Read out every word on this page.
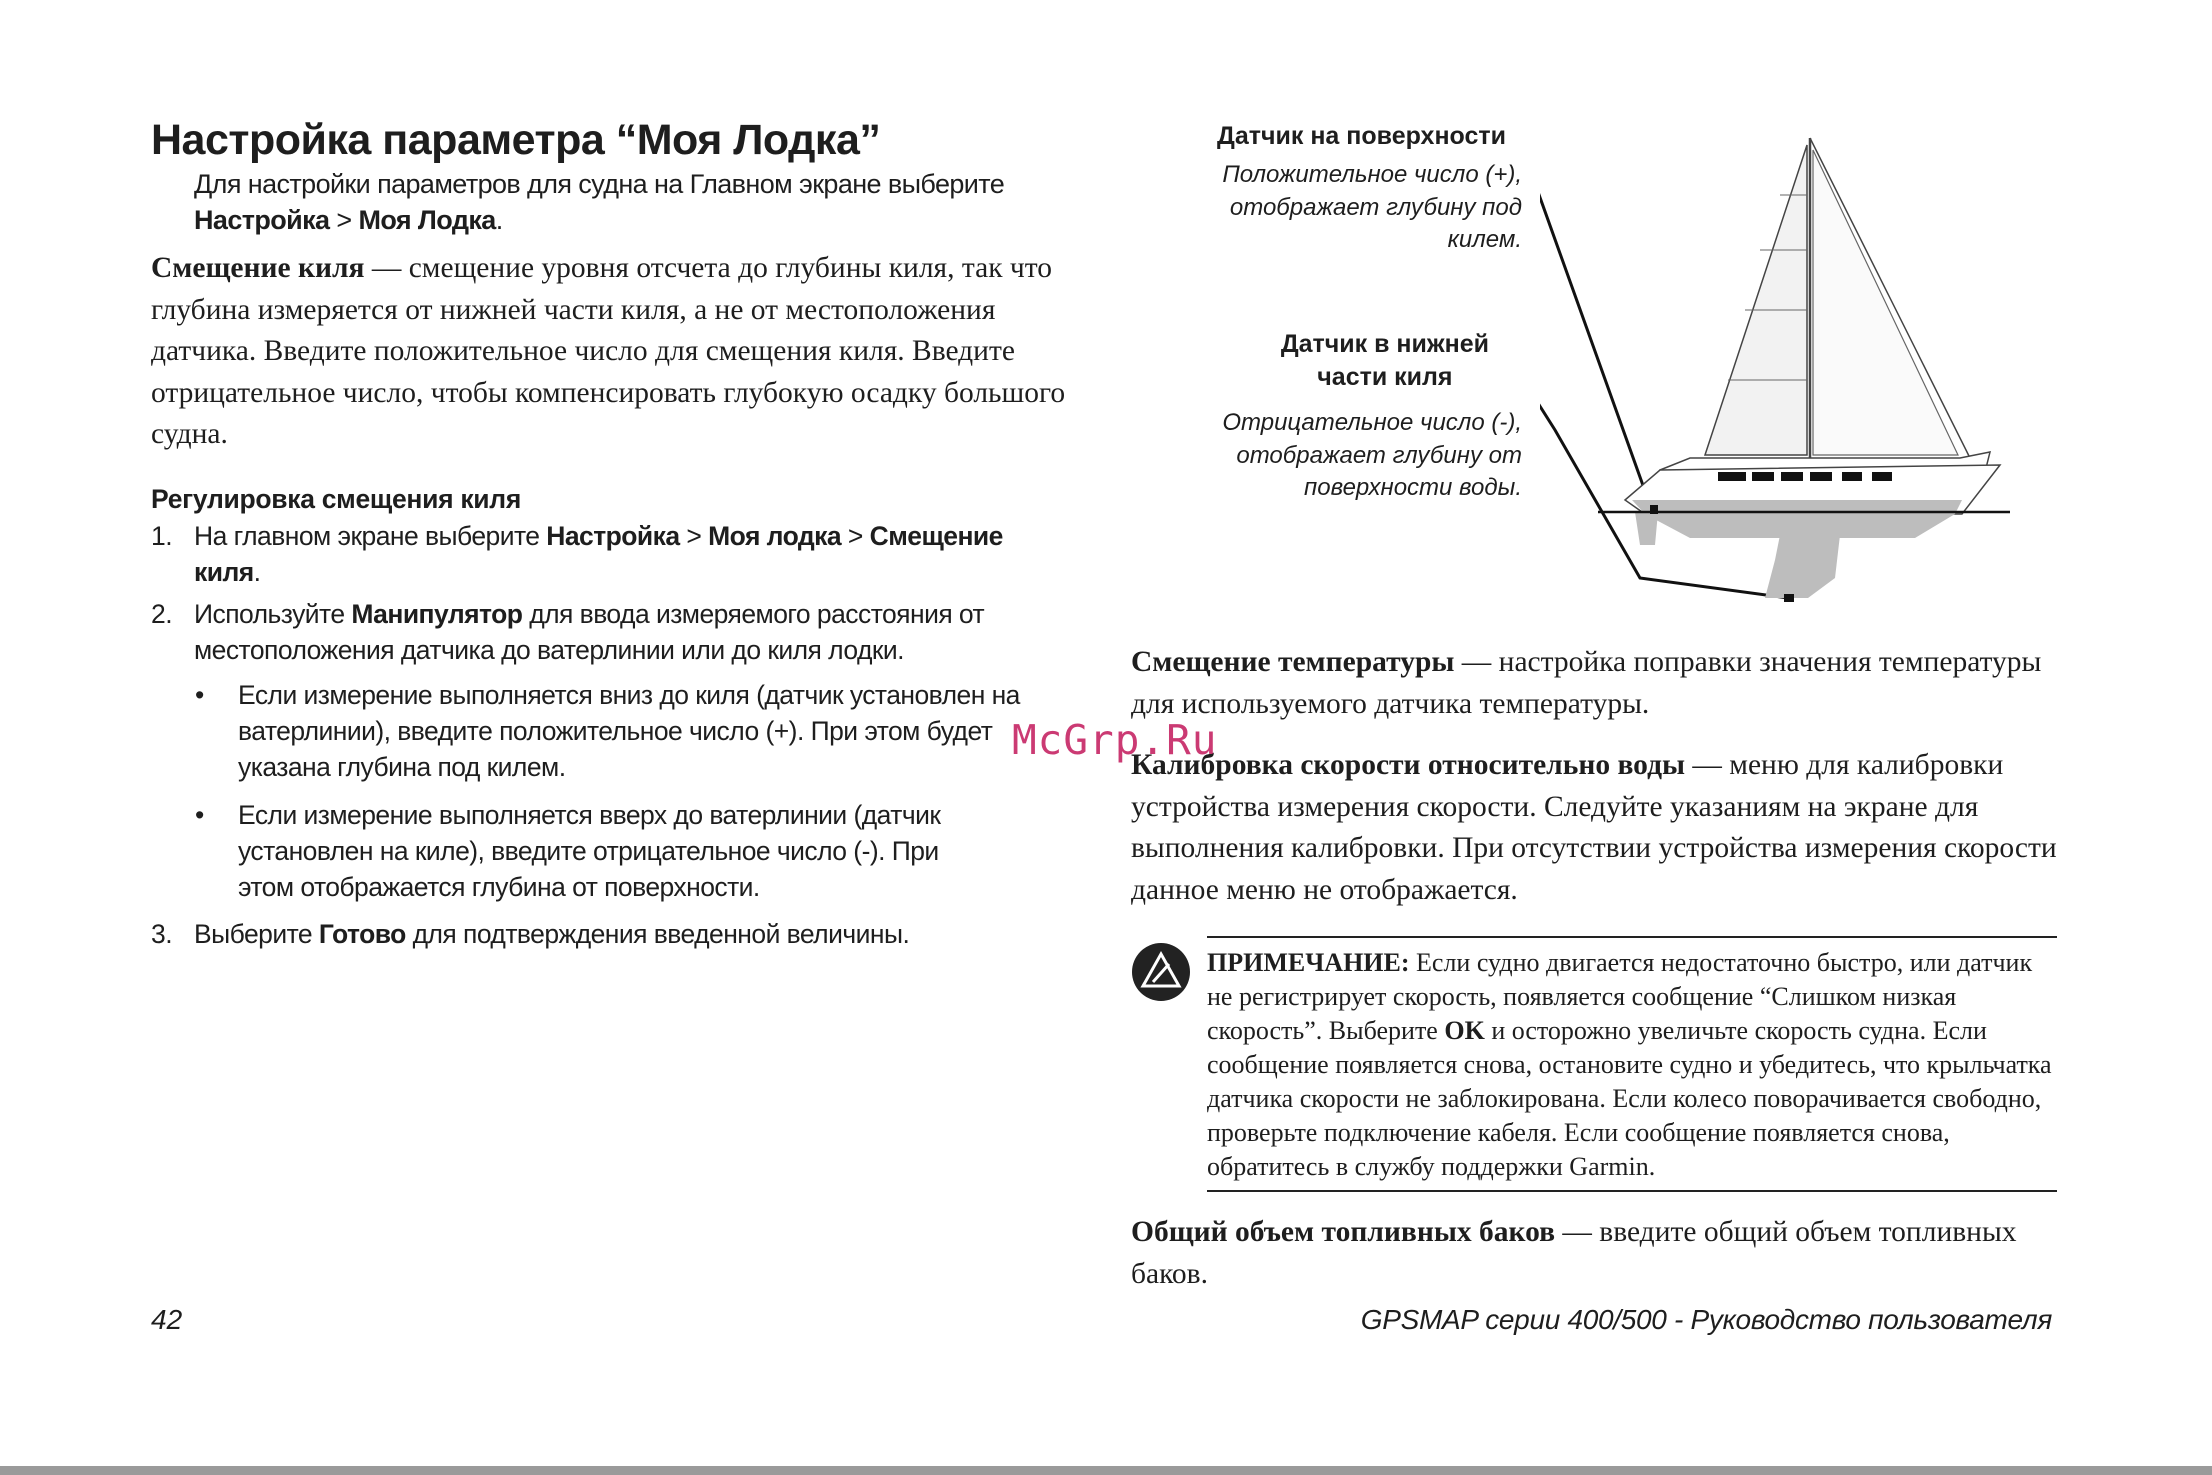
Настройка параметра “Моя Лодка”
Для настройки параметров для судна на Главном экране выберите Настройка > Моя Лодка.
Смещение киля — смещение уровня отсчета до глубины киля, так что глубина измеряется от нижней части киля, а не от местоположения датчика. Введите положительное число для смещения киля. Введите отрицательное число, чтобы компенсировать глубокую осадку большого судна.
Регулировка смещения киля
1. На главном экране выберите Настройка > Моя лодка > Смещение
киля.
2. Используйте Манипулятор для ввода измеряемого расстояния от
местоположения датчика до ватерлинии или до киля лодки.
• Если измерение выполняется вниз до киля (датчик установлен на
ватерлинии), введите положительное число (+). При этом будет
указана глубина под килем.
• Если измерение выполняется вверх до ватерлинии (датчик
установлен на киле), введите отрицательное число (-). При
этом отображается глубина от поверхности.
3. Выберите Готово для подтверждения введенной величины.
Датчик на поверхности
Положительное число (+),
отображает глубину под
килем.
Датчик в нижней
части киля
Отрицательное число (-),
отображает глубину от
поверхности воды.
Смещение температуры — настройка поправки значения температуры для используемого датчика температуры.
Калибровка скорости относительно воды — меню для калибровки устройства измерения скорости. Следуйте указаниям на экране для выполнения калибровки. При отсутствии устройства измерения скорости данное меню не отображается.
ПРИМЕЧАНИЕ: Если судно двигается недостаточно быстро, или датчик не регистрирует скорость, появляется сообщение “Слишком низкая скорость”. Выберите OK и осторожно увеличьте скорость судна. Если сообщение появляется снова, остановите судно и убедитесь, что крыльчатка датчика скорости не заблокирована. Если колесо поворачивается свободно, проверьте подключение кабеля. Если сообщение появляется снова, обратитесь в службу поддержки Garmin.
Общий объем топливных баков — введите общий объем топливных баков.
42	GPSMAP серии 400/500 - Руководство пользователя
McGrp.Ru
